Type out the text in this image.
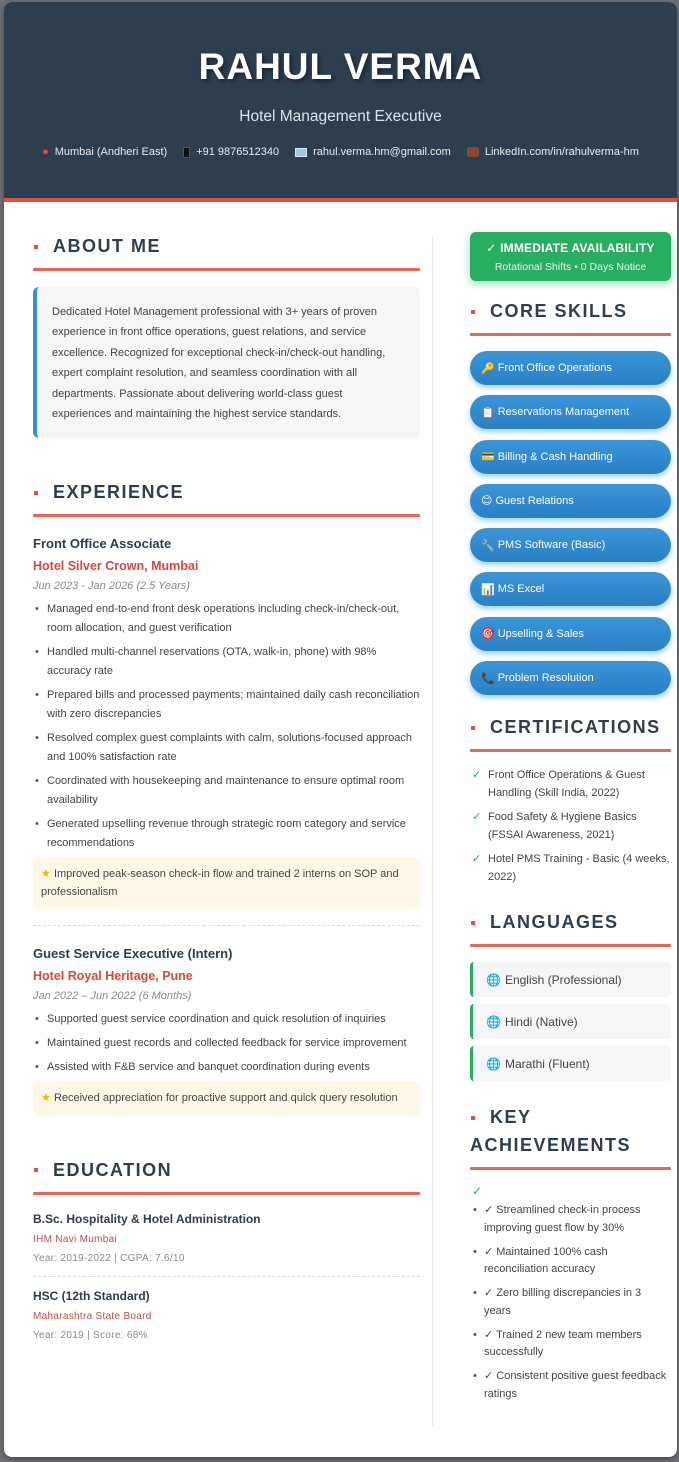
RAHUL VERMA
Hotel Management Executive
● Mumbai (Andheri East)	+91 9876512340	rahul.verma.hm@gmail.com	LinkedIn.com/in/rahulverma-hm
ABOUT ME
Dedicated Hotel Management professional with 3+ years of proven experience in front office operations, guest relations, and service excellence. Recognized for exceptional check-in/check-out handling, expert complaint resolution, and seamless coordination with all departments. Passionate about delivering world-class guest experiences and maintaining the highest service standards.
EXPERIENCE
Front Office Associate
Hotel Silver Crown, Mumbai
Jun 2023 - Jan 2026 (2.5 Years)
• Managed end-to-end front desk operations including check-in/check-out, room allocation, and guest verification
• Handled multi-channel reservations (OTA, walk-in, phone) with 98% accuracy rate
• Prepared bills and processed payments; maintained daily cash reconciliation with zero discrepancies
• Resolved complex guest complaints with calm, solutions-focused approach and 100% satisfaction rate
• Coordinated with housekeeping and maintenance to ensure optimal room availability
• Generated upselling revenue through strategic room category and service recommendations
★ Improved peak-season check-in flow and trained 2 interns on SOP and professionalism
Guest Service Executive (Intern)
Hotel Royal Heritage, Pune
Jan 2022 – Jun 2022 (6 Months)
• Supported guest service coordination and quick resolution of inquiries
• Maintained guest records and collected feedback for service improvement
• Assisted with F&B service and banquet coordination during events
★ Received appreciation for proactive support and quick query resolution
EDUCATION
B.Sc. Hospitality & Hotel Administration
IHM Navi Mumbai
Year: 2019-2022 | CGPA: 7.6/10
HSC (12th Standard)
Maharashtra State Board
Year: 2019 | Score: 68%
✓ IMMEDIATE AVAILABILITY
Rotational Shifts • 0 Days Notice
CORE SKILLS
🔑 Front Office Operations
📋 Reservations Management
💳 Billing & Cash Handling
😊 Guest Relations
🔧 PMS Software (Basic)
📊 MS Excel
🎯 Upselling & Sales
📞 Problem Resolution
CERTIFICATIONS
✓ Front Office Operations & Guest Handling (Skill India, 2022)
✓ Food Safety & Hygiene Basics (FSSAI Awareness, 2021)
✓ Hotel PMS Training - Basic (4 weeks, 2022)
LANGUAGES
🌐 English (Professional)
🌐 Hindi (Native)
🌐 Marathi (Fluent)
KEY
ACHIEVEMENTS
✓
• ✓ Streamlined check-in process improving guest flow by 30%
• ✓ Maintained 100% cash reconciliation accuracy
• ✓ Zero billing discrepancies in 3 years
• ✓ Trained 2 new team members successfully
• ✓ Consistent positive guest feedback ratings
